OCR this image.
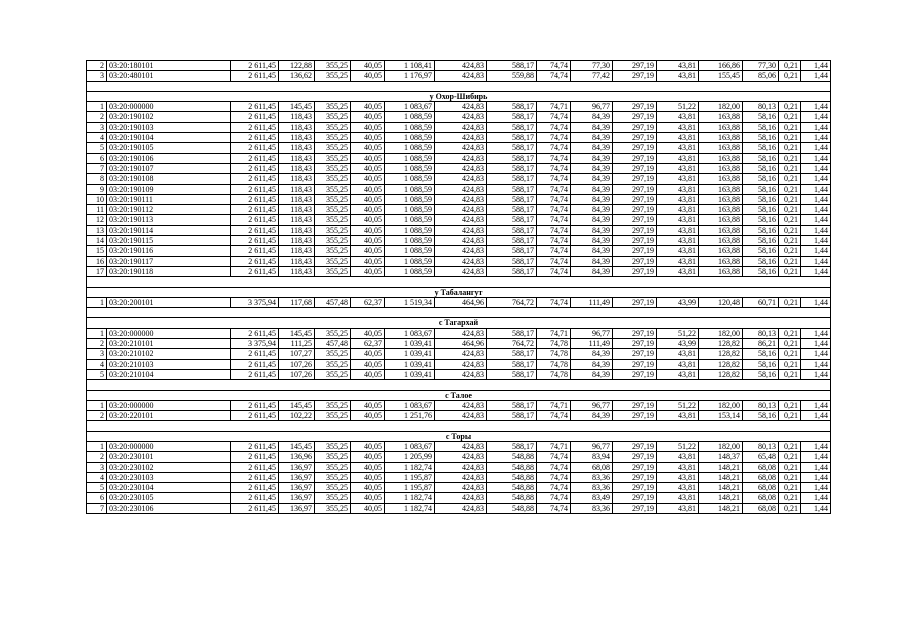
2	03:20:180101	2 611,45	122,88	355,25	40,05	1 108,41	424,83	588,17	74,74	77,30	297,19	43,81	166,86	77,30	0,21	1,44
3	03:20:480101	2 611,45	136,62	355,25	40,05	1 176,97	424,83	559,88	74,74	77,42	297,19	43,81	155,45	85,06	0,21	1,44

у Охор-Шибирь																
1	03:20:000000	2 611,45	145,45	355,25	40,05	1 083,67	424,83	588,17	74,71	96,77	297,19	51,22	182,00	80,13	0,21	1,44
2	03:20:190102	2 611,45	118,43	355,25	40,05	1 088,59	424,83	588,17	74,74	84,39	297,19	43,81	163,88	58,16	0,21	1,44
3	03:20:190103	2 611,45	118,43	355,25	40,05	1 088,59	424,83	588,17	74,74	84,39	297,19	43,81	163,88	58,16	0,21	1,44
4	03:20:190104	2 611,45	118,43	355,25	40,05	1 088,59	424,83	588,17	74,74	84,39	297,19	43,81	163,88	58,16	0,21	1,44
5	03:20:190105	2 611,45	118,43	355,25	40,05	1 088,59	424,83	588,17	74,74	84,39	297,19	43,81	163,88	58,16	0,21	1,44
6	03:20:190106	2 611,45	118,43	355,25	40,05	1 088,59	424,83	588,17	74,74	84,39	297,19	43,81	163,88	58,16	0,21	1,44
7	03:20:190107	2 611,45	118,43	355,25	40,05	1 088,59	424,83	588,17	74,74	84,39	297,19	43,81	163,88	58,16	0,21	1,44
8	03:20:190108	2 611,45	118,43	355,25	40,05	1 088,59	424,83	588,17	74,74	84,39	297,19	43,81	163,88	58,16	0,21	1,44
9	03:20:190109	2 611,45	118,43	355,25	40,05	1 088,59	424,83	588,17	74,74	84,39	297,19	43,81	163,88	58,16	0,21	1,44
10	03:20:190111	2 611,45	118,43	355,25	40,05	1 088,59	424,83	588,17	74,74	84,39	297,19	43,81	163,88	58,16	0,21	1,44
11	03:20:190112	2 611,45	118,43	355,25	40,05	1 088,59	424,83	588,17	74,74	84,39	297,19	43,81	163,88	58,16	0,21	1,44
12	03:20:190113	2 611,45	118,43	355,25	40,05	1 088,59	424,83	588,17	74,74	84,39	297,19	43,81	163,88	58,16	0,21	1,44
13	03:20:190114	2 611,45	118,43	355,25	40,05	1 088,59	424,83	588,17	74,74	84,39	297,19	43,81	163,88	58,16	0,21	1,44
14	03:20:190115	2 611,45	118,43	355,25	40,05	1 088,59	424,83	588,17	74,74	84,39	297,19	43,81	163,88	58,16	0,21	1,44
15	03:20:190116	2 611,45	118,43	355,25	40,05	1 088,59	424,83	588,17	74,74	84,39	297,19	43,81	163,88	58,16	0,21	1,44
16	03:20:190117	2 611,45	118,43	355,25	40,05	1 088,59	424,83	588,17	74,74	84,39	297,19	43,81	163,88	58,16	0,21	1,44
17	03:20:190118	2 611,45	118,43	355,25	40,05	1 088,59	424,83	588,17	74,74	84,39	297,19	43,81	163,88	58,16	0,21	1,44

у Табалангут																
1	03:20:200101	3 375,94	117,68	457,48	62,37	1 519,34	464,96	764,72	74,74	111,49	297,19	43,99	120,48	60,71	0,21	1,44

с Тагархай																
1	03:20:000000	2 611,45	145,45	355,25	40,05	1 083,67	424,83	588,17	74,71	96,77	297,19	51,22	182,00	80,13	0,21	1,44
2	03:20:210101	3 375,94	111,25	457,48	62,37	1 039,41	464,96	764,72	74,78	111,49	297,19	43,99	128,82	86,21	0,21	1,44
3	03:20:210102	2 611,45	107,27	355,25	40,05	1 039,41	424,83	588,17	74,78	84,39	297,19	43,81	128,82	58,16	0,21	1,44
4	03:20:210103	2 611,45	107,26	355,25	40,05	1 039,41	424,83	588,17	74,78	84,39	297,19	43,81	128,82	58,16	0,21	1,44
5	03:20:210104	2 611,45	107,26	355,25	40,05	1 039,41	424,83	588,17	74,78	84,39	297,19	43,81	128,82	58,16	0,21	1,44

с Талое																
1	03:20:000000	2 611,45	145,45	355,25	40,05	1 083,67	424,83	588,17	74,71	96,77	297,19	51,22	182,00	80,13	0,21	1,44
2	03:20:220101	2 611,45	102,22	355,25	40,05	1 251,76	424,83	588,17	74,74	84,39	297,19	43,81	153,14	58,16	0,21	1,44

с Торы																
1	03:20:000000	2 611,45	145,45	355,25	40,05	1 083,67	424,83	588,17	74,71	96,77	297,19	51,22	182,00	80,13	0,21	1,44
2	03:20:230101	2 611,45	136,96	355,25	40,05	1 205,99	424,83	548,88	74,74	83,94	297,19	43,81	148,37	65,48	0,21	1,44
3	03:20:230102	2 611,45	136,97	355,25	40,05	1 182,74	424,83	548,88	74,74	68,08	297,19	43,81	148,21	68,08	0,21	1,44
4	03:20:230103	2 611,45	136,97	355,25	40,05	1 195,87	424,83	548,88	74,74	83,36	297,19	43,81	148,21	68,08	0,21	1,44
5	03:20:230104	2 611,45	136,97	355,25	40,05	1 195,87	424,83	548,88	74,74	83,36	297,19	43,81	148,21	68,08	0,21	1,44
6	03:20:230105	2 611,45	136,97	355,25	40,05	1 182,74	424,83	548,88	74,74	83,49	297,19	43,81	148,21	68,08	0,21	1,44
7	03:20:230106	2 611,45	136,97	355,25	40,05	1 182,74	424,83	548,88	74,74	83,36	297,19	43,81	148,21	68,08	0,21	1,44
